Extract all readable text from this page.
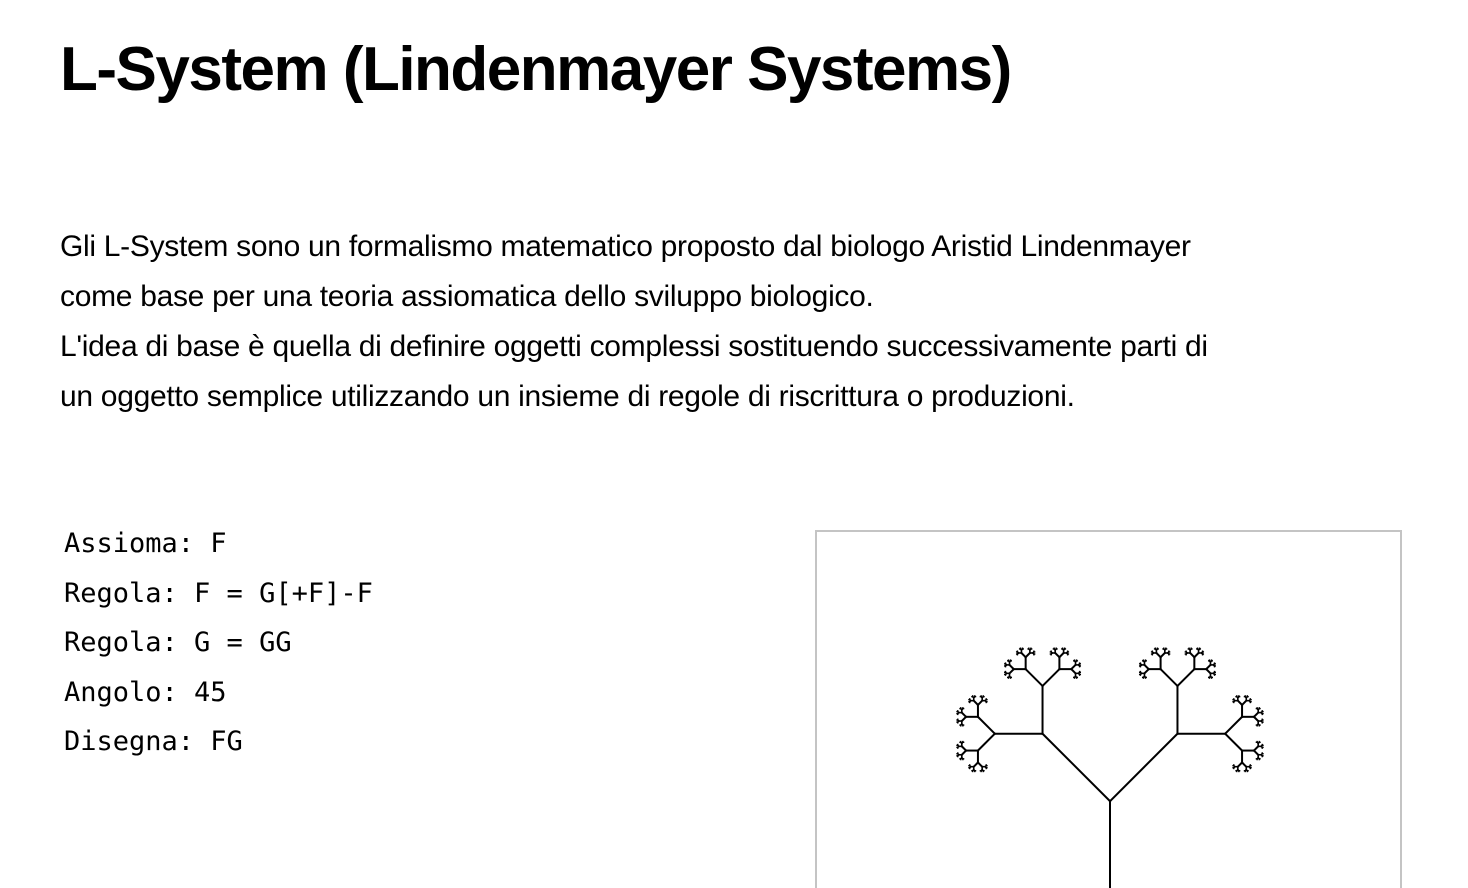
L-System (Lindenmayer Systems)

Gli L-System sono un formalismo matematico proposto dal biologo Aristid Lindenmayer
come base per una teoria assiomatica dello sviluppo biologico.
L'idea di base è quella di definire oggetti complessi sostituendo successivamente parti di
un oggetto semplice utilizzando un insieme di regole di riscrittura o produzioni.

Assioma: F
Regola: F = G[+F]-F
Regola: G = GG
Angolo: 45
Disegna: FG
